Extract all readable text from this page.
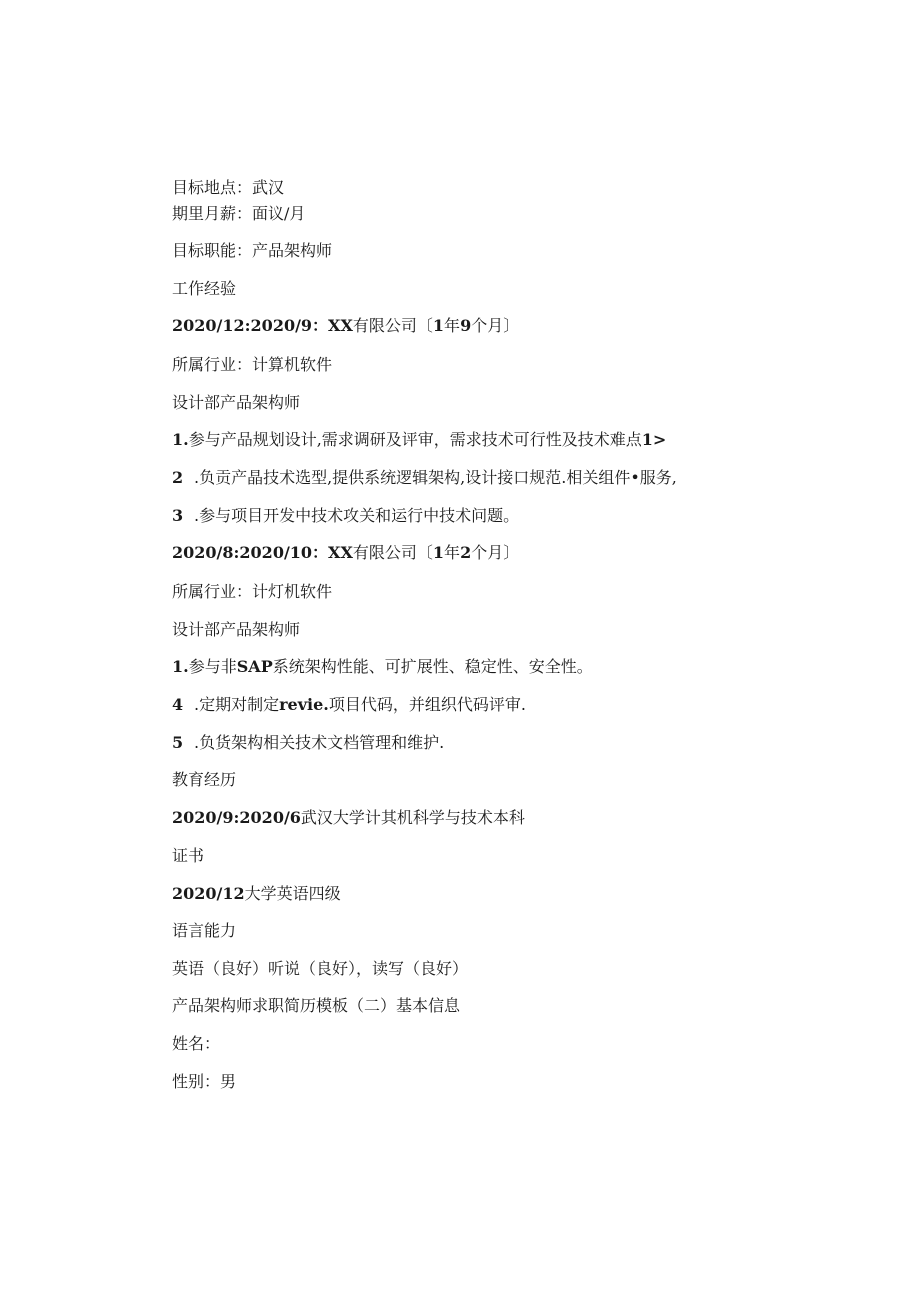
目标地点：武汉
期里月薪：面议/月
目标职能：产品架构师
工作经验
2020/12:2020/9：XX有限公司〔1年9个月〕
所属行业：计算机软件
设计部产品架构师
1.参与产品规划设计,需求调研及评审，需求技术可行性及技术难点1>
2 .负贡产晶技术选型,提供系统逻辑架构,设计接口规范.相关组件•服务,
3 .参与项目开发中技术攻关和运行中技术问题。
2020/8:2020/10：XX有限公司〔1年2个月〕
所属行业：计灯机软件
设计部产品架构师
1.参与非SAP系统架构性能、可扩展性、稳定性、安全性。
4 .定期对制定revie.项目代码，并组织代码评审.
5 .负货架构相关技术文档管理和维护.
教育经历
2020/9:2020/6武汉大学计其机科学与技术本科
证书
2020/12大学英语四级
语言能力
英语（良好）听说（良好），读写（良好）
产品架构师求职简历模板（二）基本信息
姓名：
性别：男
